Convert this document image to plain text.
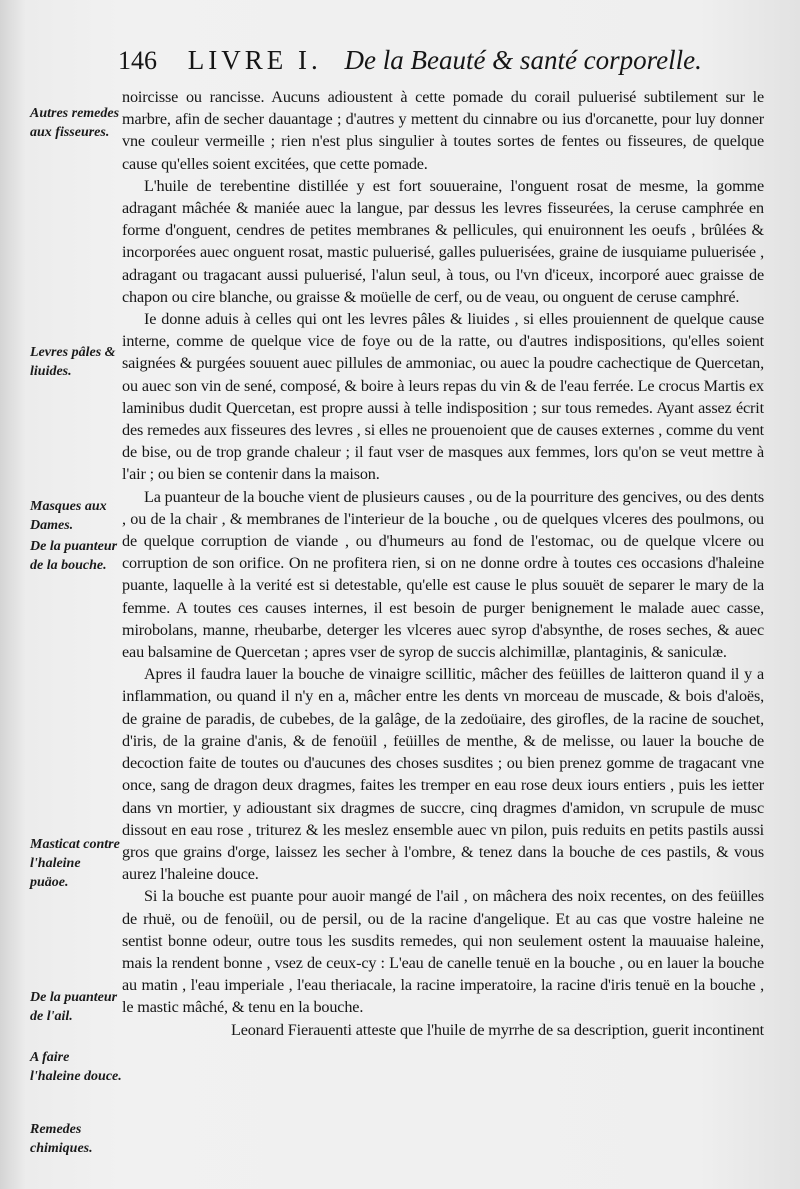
146 LIVRE I. De la Beauté & santé corporelle.
Autres remedes aux fisseures.
Levres pâles & liuides.
Masques aux Dames.
De la puanteur de la bouche.
Masticat contre l'haleine puäoe.
De la puanteur de l'ail.
A faire l'haleine douce.
Remedes chimiques.

noircisse ou rancisse. Aucuns adioustent à cette pomade du corail puluerisé subtilement sur le marbre, afin de secher dauantage ; d'autres y mettent du cinnabre ou ius d'orcanette, pour luy donner vne couleur vermeille ; rien n'est plus singulier à toutes sortes de fentes ou fisseures, de quelque cause qu'elles soient excitées, que cette pomade.

L'huile de terebentine distillée y est fort souueraine, l'onguent rosat de mesme, la gomme adragant mâchée & maniée auec la langue, par dessus les levres fisseurées, la ceruse camphrée en forme d'onguent, cendres de petites membranes & pellicules, qui enuironnent les oeufs , brûlées & incorporées auec onguent rosat, mastic puluerisé, galles puluerisées, graine de iusquiame puluerisée , adragant ou tragacant aussi puluerisé, l'alun seul, à tous, ou l'vn d'iceux, incorporé auec graisse de chapon ou cire blanche, ou graisse & moüelle de cerf, ou de veau, ou onguent de ceruse camphré.

Ie donne aduis à celles qui ont les levres pâles & liuides , si elles prouiennent de quelque cause interne, comme de quelque vice de foye ou de la ratte, ou d'autres indispositions, qu'elles soient saignées & purgées souuent auec pillules de ammoniac, ou auec la poudre cachectique de Quercetan, ou auec son vin de sené, composé, & boire à leurs repas du vin & de l'eau ferrée. Le crocus Martis ex laminibus dudit Quercetan, est propre aussi à telle indisposition ; sur tous remedes. Ayant assez écrit des remedes aux fisseures des levres , si elles ne prouenoient que de causes externes , comme du vent de bise, ou de trop grande chaleur ; il faut vser de masques aux femmes, lors qu'on se veut mettre à l'air ; ou bien se contenir dans la maison.

La puanteur de la bouche vient de plusieurs causes , ou de la pourriture des gencives, ou des dents , ou de la chair , & membranes de l'interieur de la bouche , ou de quelques vlceres des poulmons, ou de quelque corruption de viande , ou d'humeurs au fond de l'estomac, ou de quelque vlcere ou corruption de son orifice. On ne profitera rien, si on ne donne ordre à toutes ces occasions d'haleine puante, laquelle à la verité est si detestable, qu'elle est cause le plus souuët de separer le mary de la femme. A toutes ces causes internes, il est besoin de purger benignement le malade auec casse, mirobolans, manne, rheubarbe, deterger les vlceres auec syrop d'absynthe, de roses seches, & auec eau balsamine de Quercetan ; apres vser de syrop de succis alchimillæ, plantaginis, & saniculæ.

Apres il faudra lauer la bouche de vinaigre scillitic, mâcher des feüilles de laitteron quand il y a inflammation, ou quand il n'y en a, mâcher entre les dents vn morceau de muscade, & bois d'aloës, de graine de paradis, de cubebes, de la galâge, de la zedoüaire, des girofles, de la racine de souchet, d'iris, de la graine d'anis, & de fenoüil , feüilles de menthe, & de melisse, ou lauer la bouche de decoction faite de toutes ou d'aucunes des choses susdites ; ou bien prenez gomme de tragacant vne once, sang de dragon deux dragmes, faites les tremper en eau rose deux iours entiers , puis les ietter dans vn mortier, y adioustant six dragmes de succre, cinq dragmes d'amidon, vn scrupule de musc dissout en eau rose , triturez & les meslez ensemble auec vn pilon, puis reduits en petits pastils aussi gros que grains d'orge, laissez les secher à l'ombre, & tenez dans la bouche de ces pastils, & vous aurez l'haleine douce.

Si la bouche est puante pour auoir mangé de l'ail , on mâchera des noix recentes, on des feüilles de rhuë, ou de fenoüil, ou de persil, ou de la racine d'angelique. Et au cas que vostre haleine ne sentist bonne odeur, outre tous les susdits remedes, qui non seulement ostent la mauuaise haleine, mais la rendent bonne , vsez de ceux-cy : L'eau de canelle tenuë en la bouche , ou en lauer la bouche au matin , l'eau imperiale , l'eau theriacale, la racine imperatoire, la racine d'iris tenuë en la bouche , le mastic mâché, & tenu en la bouche.

Leonard Fierauenti atteste que l'huile de myrrhe de sa description, guerit incontinent
